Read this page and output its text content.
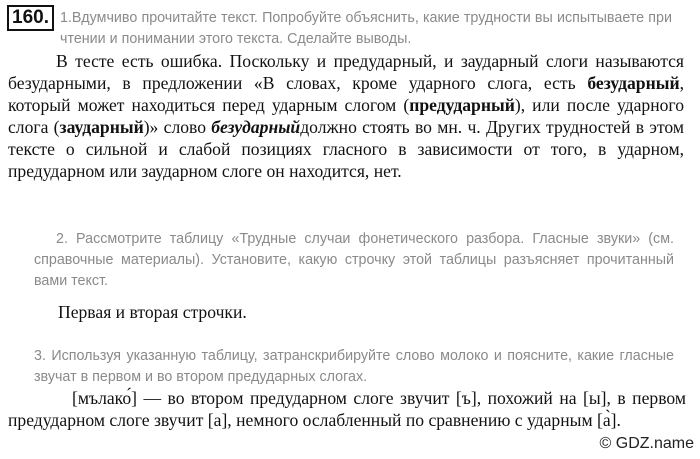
160. 1.Вдумчиво прочитайте текст. Попробуйте объяснить, какие трудности вы испытываете при чтении и понимании этого текста. Сделайте выводы.
В тесте есть ошибка. Поскольку и предударный, и заударный слоги называются безударными, в предложении «В словах, кроме ударного слога, есть безударный, который может находиться перед ударным слогом (предударный), или после ударного слога (заударный)» слово безударныйдолжно стоять во мн. ч. Других трудностей в этом тексте о сильной и слабой позициях гласного в зависимости от того, в ударном, предударном или заударном слоге он находится, нет.
2. Рассмотрите таблицу «Трудные случаи фонетического разбора. Гласные звуки» (см. справочные материалы). Установите, какую строчку этой таблицы разъясняет прочитанный вами текст.
Первая и вторая строчки.
3. Используя указанную таблицу, затранскрибируйте слово молоко и поясните, какие гласные звучат в первом и во втором предударных слогах.
[мълако́] — во втором предударном слоге звучит [ъ], похожий на [ы], в первом предударном слоге звучит [а], немного ослабленный по сравнению с ударным [а̀].
© GDZ.name
